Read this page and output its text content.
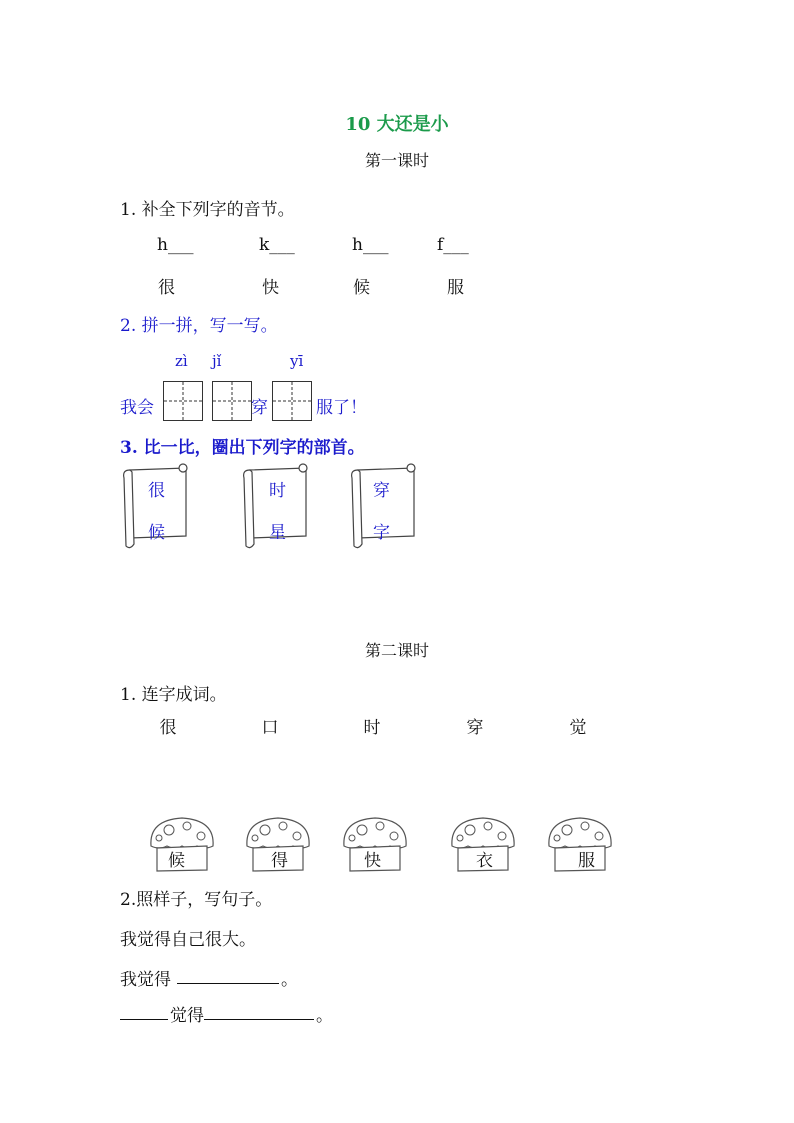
10 大还是小
第一课时
1. 补全下列字的音节。
h___	k___	h___	f___
很	快	候	服
2. 拼一拼，写一写。
zì jǐ	yī
我会	穿	服了！
3. 比一比，圈出下列字的部首。
很
候
时
星
穿
字
第二课时
1. 连字成词。
很	口	时	穿	觉
候	得	快	衣	服
2.照样子，写句子。
我觉得自己很大。
我觉得	。
觉得	。
